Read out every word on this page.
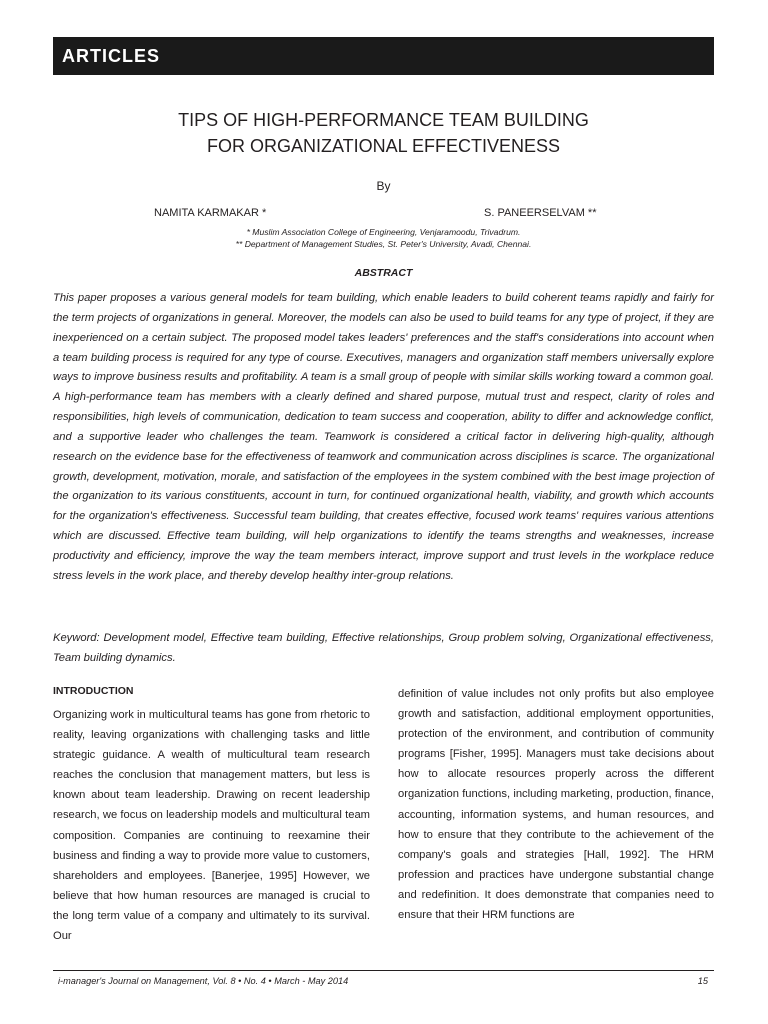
ARTICLES
TIPS OF HIGH-PERFORMANCE TEAM BUILDING
FOR ORGANIZATIONAL EFFECTIVENESS
By
NAMITA KARMAKAR *	S. PANEERSELVAM **
* Muslim Association College of Engineering, Venjaramoodu, Trivadrum.
** Department of Management Studies, St. Peter's University, Avadi, Chennai.
ABSTRACT
This paper proposes a various general models for team building, which enable leaders to build coherent teams rapidly and fairly for the term projects of organizations in general. Moreover, the models can also be used to build teams for any type of project, if they are inexperienced on a certain subject. The proposed model takes leaders' preferences and the staff's considerations into account when a team building process is required for any type of course. Executives, managers and organization staff members universally explore ways to improve business results and profitability. A team is a small group of people with similar skills working toward a common goal. A high-performance team has members with a clearly defined and shared purpose, mutual trust and respect, clarity of roles and responsibilities, high levels of communication, dedication to team success and cooperation, ability to differ and acknowledge conflict, and a supportive leader who challenges the team. Teamwork is considered a critical factor in delivering high-quality, although research on the evidence base for the effectiveness of teamwork and communication across disciplines is scarce. The organizational growth, development, motivation, morale, and satisfaction of the employees in the system combined with the best image projection of the organization to its various constituents, account in turn, for continued organizational health, viability, and growth which accounts for the organization's effectiveness. Successful team building, that creates effective, focused work teams' requires various attentions which are discussed. Effective team building, will help organizations to identify the teams strengths and weaknesses, increase productivity and efficiency, improve the way the team members interact, improve support and trust levels in the workplace reduce stress levels in the work place, and thereby develop healthy inter-group relations.
Keyword: Development model, Effective team building, Effective relationships, Group problem solving, Organizational effectiveness, Team building dynamics.
INTRODUCTION

Organizing work in multicultural teams has gone from rhetoric to reality, leaving organizations with challenging tasks and little strategic guidance. A wealth of multicultural team research reaches the conclusion that management matters, but less is known about team leadership. Drawing on recent leadership research, we focus on leadership models and multicultural team composition. Companies are continuing to reexamine their business and finding a way to provide more value to customers, shareholders and employees. [Banerjee, 1995] However, we believe that how human resources are managed is crucial to the long term value of a company and ultimately to its survival. Our

definition of value includes not only profits but also employee growth and satisfaction, additional employment opportunities, protection of the environment, and contribution of community programs [Fisher, 1995]. Managers must take decisions about how to allocate resources properly across the different organization functions, including marketing, production, finance, accounting, information systems, and human resources, and how to ensure that they contribute to the achievement of the company's goals and strategies [Hall, 1992]. The HRM profession and practices have undergone substantial change and redefinition. It does demonstrate that companies need to ensure that their HRM functions are

i-manager's Journal on Management, Vol. 8 • No. 4 • March - May 2014	15
